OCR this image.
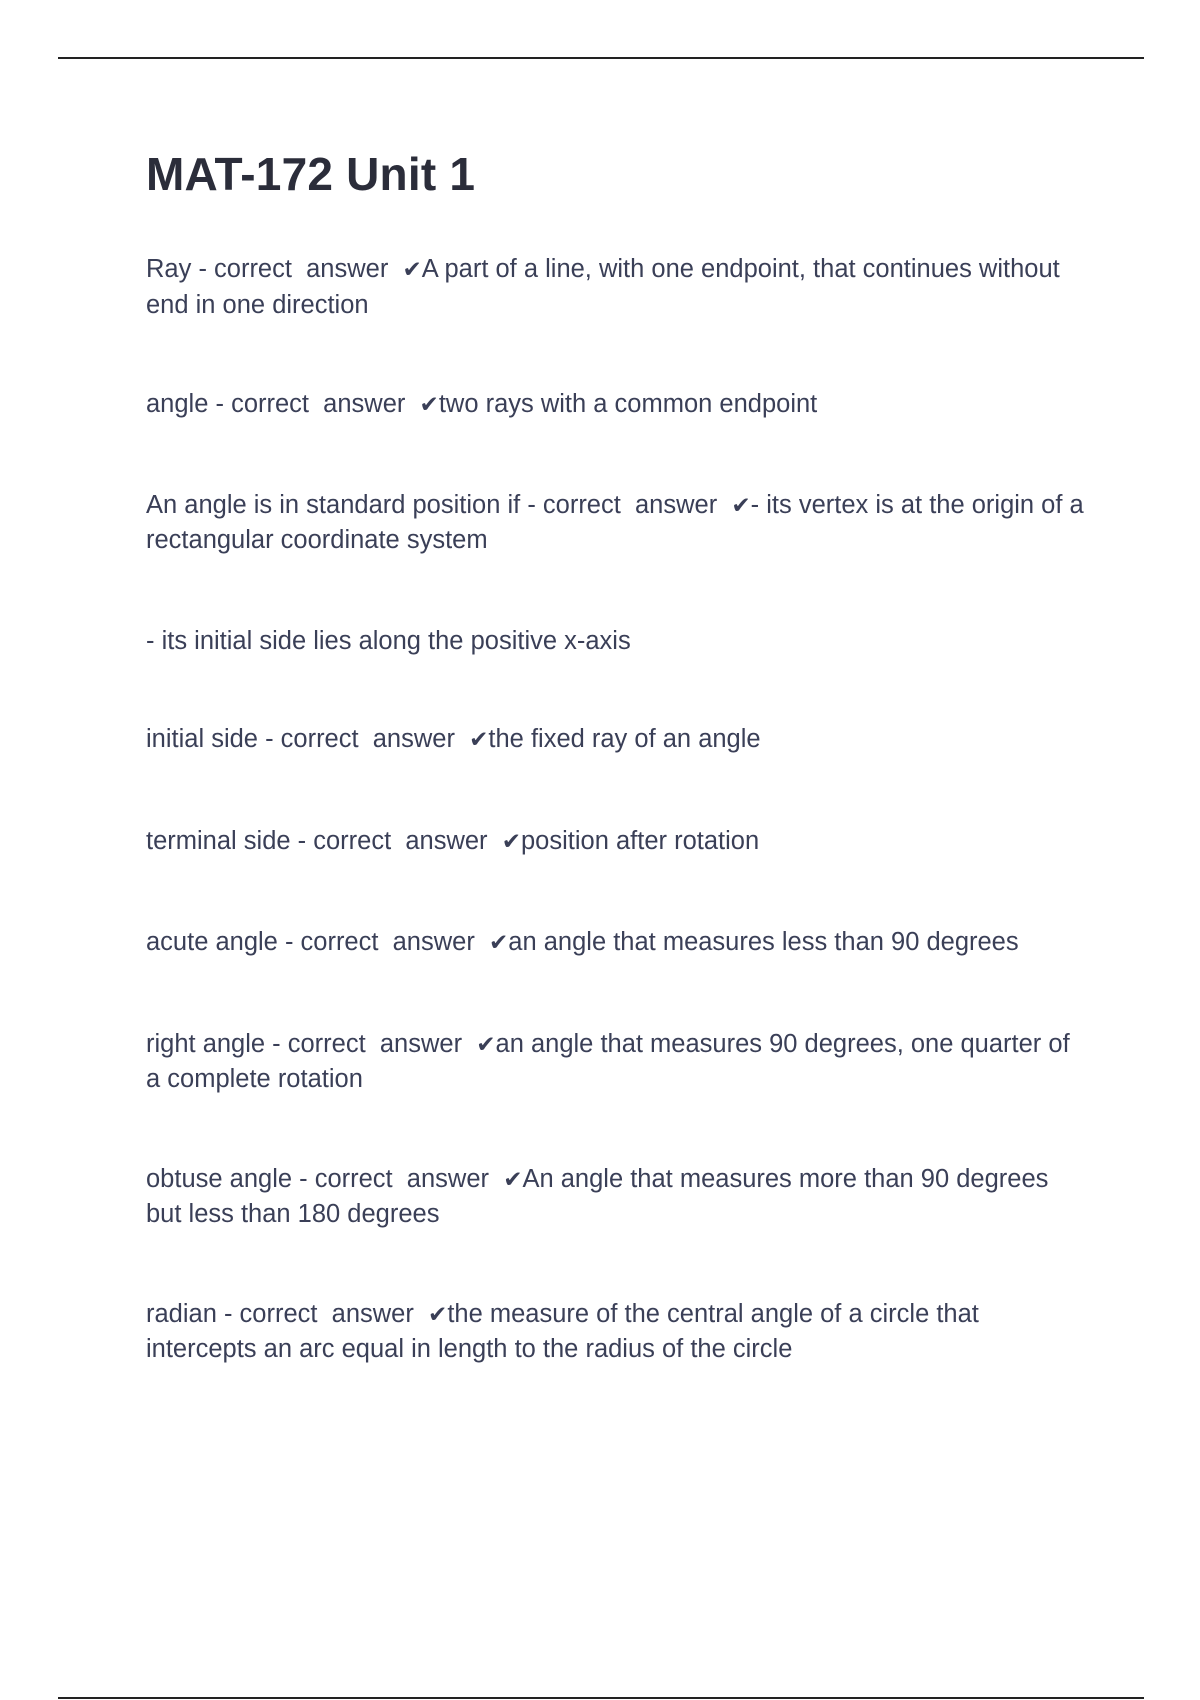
MAT-172 Unit 1

Ray - correct  answer  ✔A part of a line, with one endpoint, that continues without end in one direction

angle - correct  answer  ✔two rays with a common endpoint

An angle is in standard position if - correct  answer  ✔- its vertex is at the origin of a rectangular coordinate system

- its initial side lies along the positive x-axis

initial side - correct  answer  ✔the fixed ray of an angle

terminal side - correct  answer  ✔position after rotation

acute angle - correct  answer  ✔an angle that measures less than 90 degrees

right angle - correct  answer  ✔an angle that measures 90 degrees, one quarter of a complete rotation

obtuse angle - correct  answer  ✔An angle that measures more than 90 degrees but less than 180 degrees

radian - correct  answer  ✔the measure of the central angle of a circle that intercepts an arc equal in length to the radius of the circle
